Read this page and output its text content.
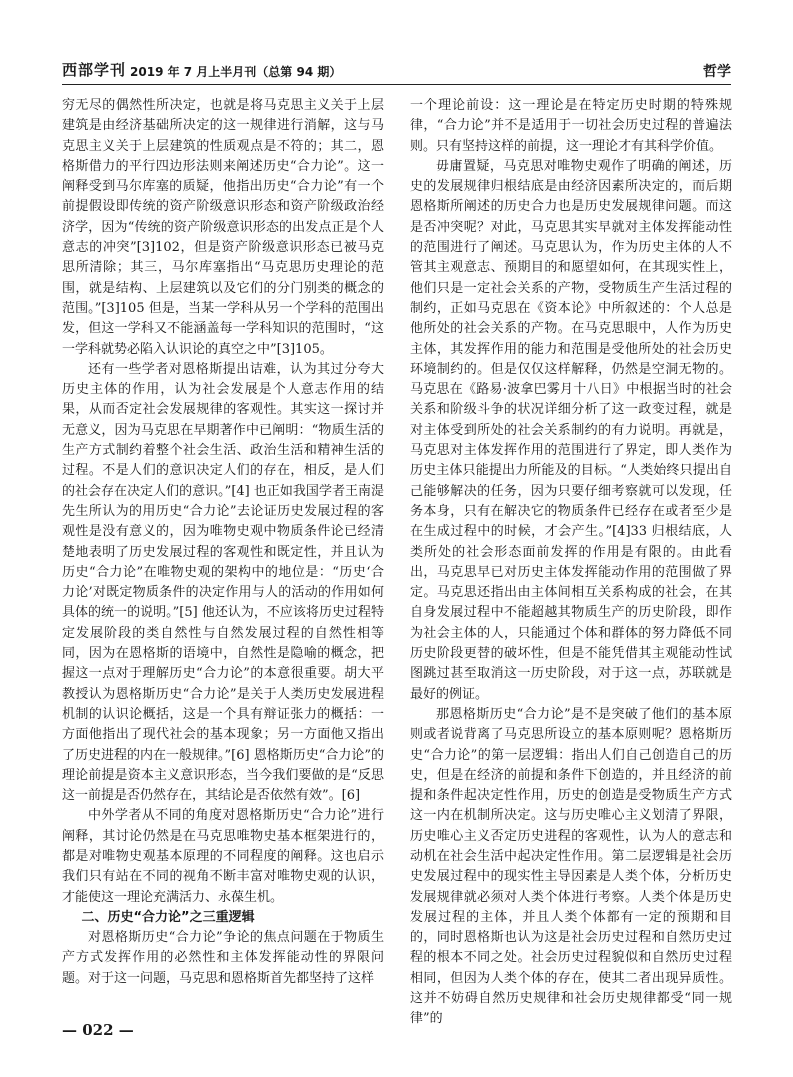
西部学刊 2019 年 7 月上半月刊（总第 94 期）	哲学

穷无尽的偶然性所决定，也就是将马克思主义关于上层建筑是由经济基础所决定的这一规律进行消解，这与马克思主义关于上层建筑的性质观点是不符的；其二，恩格斯借力的平行四边形法则来阐述历史“合力论”。这一阐释受到马尔库塞的质疑，他指出历史“合力论”有一个前提假设即传统的资产阶级意识形态和资产阶级政治经济学，因为“传统的资产阶级意识形态的出发点正是个人意志的冲突”[3]102，但是资产阶级意识形态已被马克思所清除；其三，马尔库塞指出“马克思历史理论的范围，就是结构、上层建筑以及它们的分门别类的概念的范围。”[3]105 但是，当某一学科从另一个学科的范围出发，但这一学科又不能涵盖每一学科知识的范围时，“这一学科就势必陷入认识论的真空之中”[3]105。

还有一些学者对恩格斯提出诘难，认为其过分夸大历史主体的作用，认为社会发展是个人意志作用的结果，从而否定社会发展规律的客观性。其实这一探讨并无意义，因为马克思在早期著作中已阐明：“物质生活的生产方式制约着整个社会生活、政治生活和精神生活的过程。不是人们的意识决定人们的存在，相反，是人们的社会存在决定人们的意识。”[4] 也正如我国学者王南湜先生所认为的用历史“合力论”去论证历史发展过程的客观性是没有意义的，因为唯物史观中物质条件论已经清楚地表明了历史发展过程的客观性和既定性，并且认为历史“合力论”在唯物史观的架构中的地位是：“历史‘合力论’对既定物质条件的决定作用与人的活动的作用如何具体的统一的说明。”[5] 他还认为，不应该将历史过程特定发展阶段的类自然性与自然发展过程的自然性相等同，因为在恩格斯的语境中，自然性是隐喻的概念，把握这一点对于理解历史“合力论”的本意很重要。胡大平教授认为恩格斯历史“合力论”是关于人类历史发展进程机制的认识论概括，这是一个具有辩证张力的概括：一方面他指出了现代社会的基本现象；另一方面他又指出了历史进程的内在一般规律。”[6] 恩格斯历史“合力论”的理论前提是资本主义意识形态，当今我们要做的是“反思这一前提是否仍然存在，其结论是否依然有效”。[6]

中外学者从不同的角度对恩格斯历史“合力论”进行阐释，其讨论仍然是在马克思唯物史基本框架进行的，都是对唯物史观基本原理的不同程度的阐释。这也启示我们只有站在不同的视角不断丰富对唯物史观的认识，才能使这一理论充满活力、永葆生机。

二、历史“合力论”之三重逻辑

对恩格斯历史“合力论”争论的焦点问题在于物质生产方式发挥作用的必然性和主体发挥能动性的界限问题。对于这一问题，马克思和恩格斯首先都坚持了这样

一个理论前设：这一理论是在特定历史时期的特殊规律，“合力论”并不是适用于一切社会历史过程的普遍法则。只有坚持这样的前提，这一理论才有其科学价值。

毋庸置疑，马克思对唯物史观作了明确的阐述，历史的发展规律归根结底是由经济因素所决定的，而后期恩格斯所阐述的历史合力也是历史发展规律问题。而这是否冲突呢？对此，马克思其实早就对主体发挥能动性的范围进行了阐述。马克思认为，作为历史主体的人不管其主观意志、预期目的和愿望如何，在其现实性上，他们只是一定社会关系的产物，受物质生产生活过程的制约，正如马克思在《资本论》中所叙述的：个人总是他所处的社会关系的产物。在马克思眼中，人作为历史主体，其发挥作用的能力和范围是受他所处的社会历史环境制约的。但是仅仅这样解释，仍然是空洞无物的。马克思在《路易·波拿巴雾月十八日》中根据当时的社会关系和阶级斗争的状况详细分析了这一政变过程，就是对主体受到所处的社会关系制约的有力说明。再就是，马克思对主体发挥作用的范围进行了界定，即人类作为历史主体只能提出力所能及的目标。“人类始终只提出自己能够解决的任务，因为只要仔细考察就可以发现，任务本身，只有在解决它的物质条件已经存在或者至少是在生成过程中的时候，才会产生。”[4]33 归根结底，人类所处的社会形态面前发挥的作用是有限的。由此看出，马克思早已对历史主体发挥能动作用的范围做了界定。马克思还指出由主体间相互关系构成的社会，在其自身发展过程中不能超越其物质生产的历史阶段，即作为社会主体的人，只能通过个体和群体的努力降低不同历史阶段更替的破坏性，但是不能凭借其主观能动性试图跳过甚至取消这一历史阶段，对于这一点，苏联就是最好的例证。

那恩格斯历史“合力论”是不是突破了他们的基本原则或者说背离了马克思所设立的基本原则呢？恩格斯历史“合力论”的第一层逻辑：指出人们自己创造自己的历史，但是在经济的前提和条件下创造的，并且经济的前提和条件起决定性作用，历史的创造是受物质生产方式这一内在机制所决定。这与历史唯心主义划清了界限，历史唯心主义否定历史进程的客观性，认为人的意志和动机在社会生活中起决定性作用。第二层逻辑是社会历史发展过程中的现实性主导因素是人类个体，分析历史发展规律就必须对人类个体进行考察。人类个体是历史发展过程的主体，并且人类个体都有一定的预期和目的，同时恩格斯也认为这是社会历史过程和自然历史过程的根本不同之处。社会历史过程貌似和自然历史过程相同，但因为人类个体的存在，使其二者出现异质性。这并不妨碍自然历史规律和社会历史规律都受“同一规律”的

— 022 —
